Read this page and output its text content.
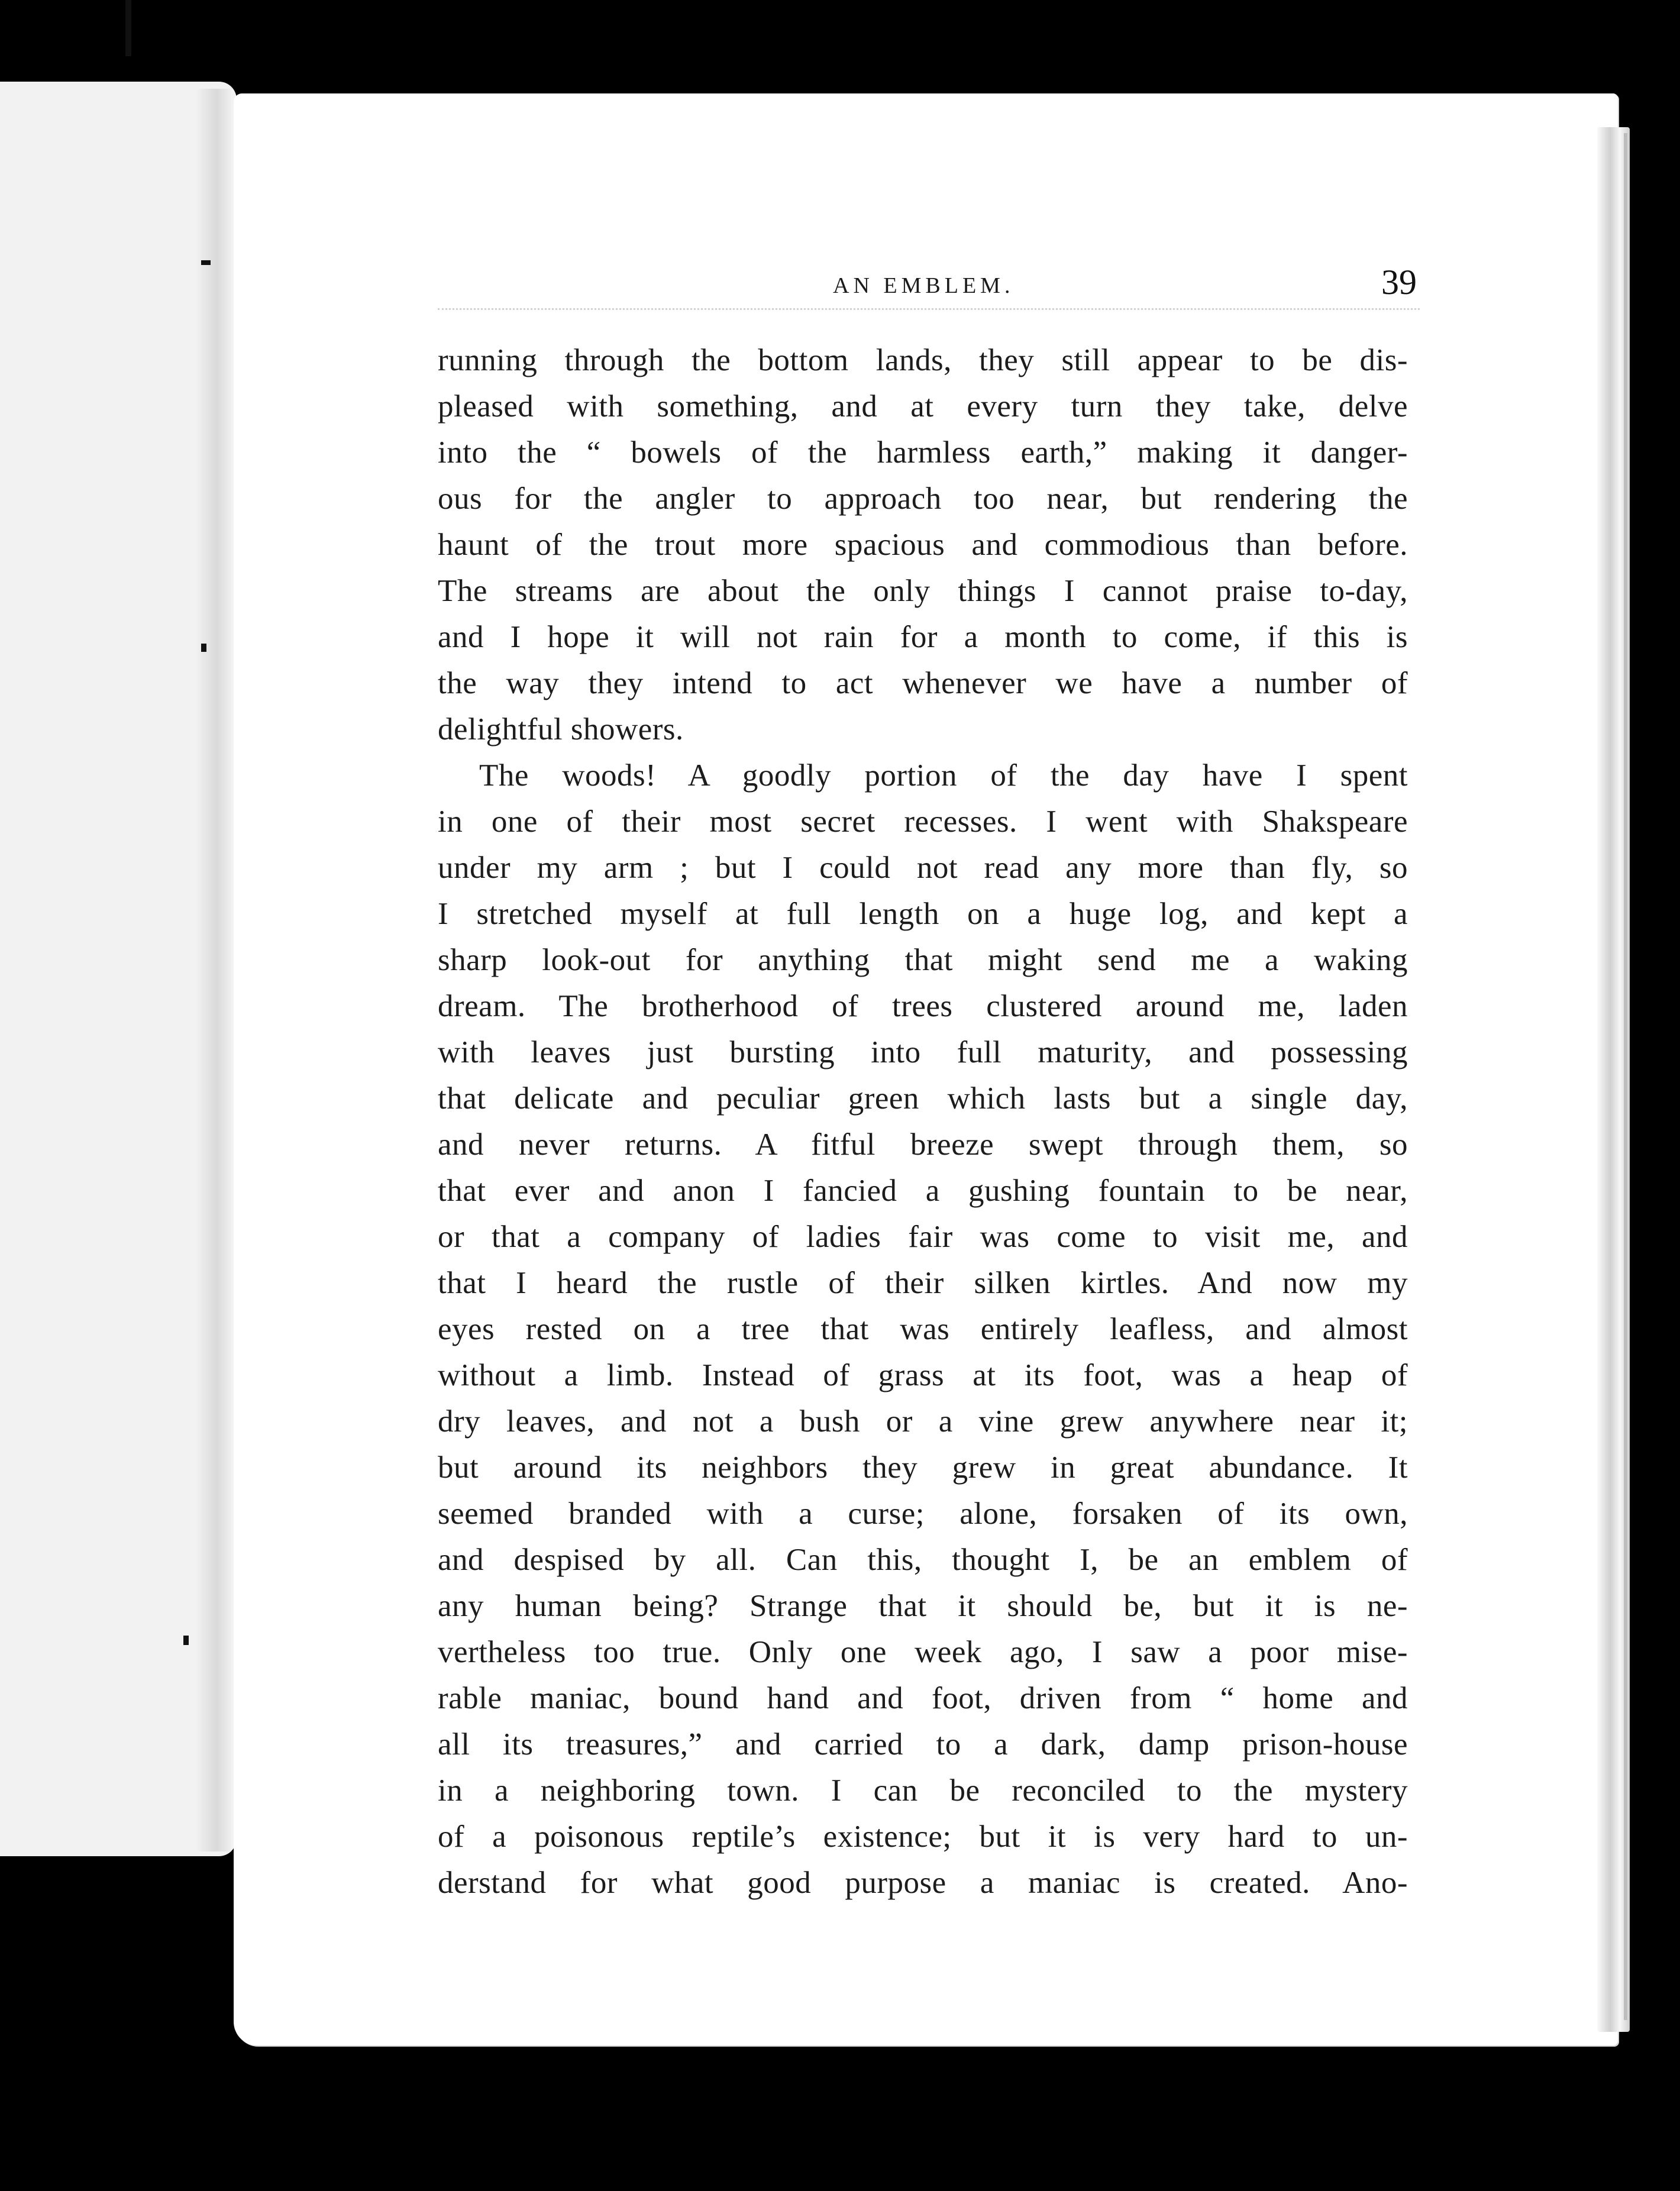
AN EMBLEM.	39
running through the bottom lands, they still appear to be dis-
pleased with something, and at every turn they take, delve
into the “ bowels of the harmless earth,” making it danger-
ous for the angler to approach too near, but rendering the
haunt of the trout more spacious and commodious than before.
The streams are about the only things I cannot praise to-day,
and I hope it will not rain for a month to come, if this is
the way they intend to act whenever we have a number of
delightful showers.
The woods! A goodly portion of the day have I spent
in one of their most secret recesses. I went with Shakspeare
under my arm ; but I could not read any more than fly, so
I stretched myself at full length on a huge log, and kept a
sharp look-out for anything that might send me a waking
dream. The brotherhood of trees clustered around me, laden
with leaves just bursting into full maturity, and possessing
that delicate and peculiar green which lasts but a single day,
and never returns. A fitful breeze swept through them, so
that ever and anon I fancied a gushing fountain to be near,
or that a company of ladies fair was come to visit me, and
that I heard the rustle of their silken kirtles. And now my
eyes rested on a tree that was entirely leafless, and almost
without a limb. Instead of grass at its foot, was a heap of
dry leaves, and not a bush or a vine grew anywhere near it;
but around its neighbors they grew in great abundance. It
seemed branded with a curse; alone, forsaken of its own,
and despised by all. Can this, thought I, be an emblem of
any human being? Strange that it should be, but it is ne-
vertheless too true. Only one week ago, I saw a poor mise-
rable maniac, bound hand and foot, driven from “ home and
all its treasures,” and carried to a dark, damp prison-house
in a neighboring town. I can be reconciled to the mystery
of a poisonous reptile’s existence; but it is very hard to un-
derstand for what good purpose a maniac is created. Ano-
